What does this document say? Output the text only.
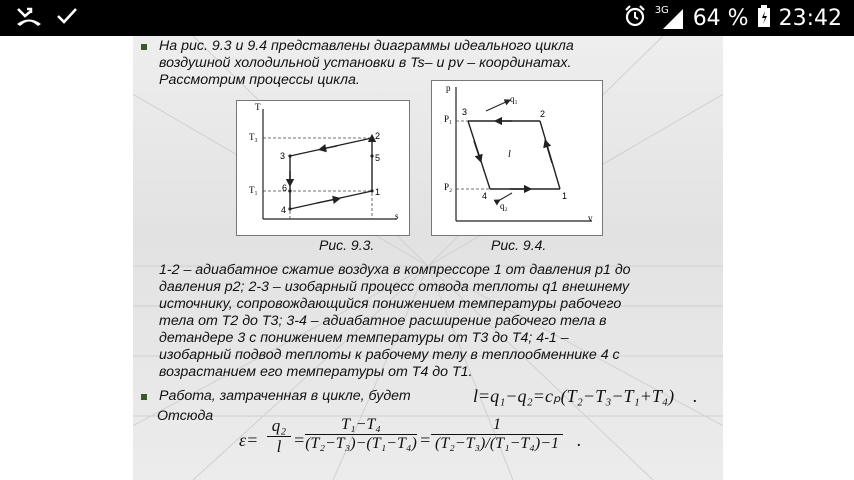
3G 64 % 23:42
На рис. 9.3 и 9.4 представлены диаграммы идеального цикла
воздушной холодильной установки в Ts– и pv – координатах.
Рассмотрим процессы цикла.
T
s
T₃
T₁
2
3	5
6	1
4
Рис. 9.3.
p
v
P₁
P₂
3	2
4	1
q₁
q₂
l
Рис. 9.4.
1-2 – адиабатное сжатие воздуха в компрессоре 1 от давления p1 до
давления p2; 2-3 – изобарный процесс отвода теплоты q1 внешнему
источнику, сопровождающийся понижением температуры рабочего
тела от Т2 до Т3; 3-4 – адиабатное расширение рабочего тела в
детандере 3 с понижением температуры от Т3 до Т4; 4-1 –
изобарный подвод теплоты к рабочему телу в теплообменнике 4 с
возрастанием его температуры от Т4 до Т1.
Работа, затраченная в цикле, будет	l=q₁−q₂=cₚ(T₂−T₃−T₁+T₄) .
Отсюда
ε=
q₂
l =
T₁−T₄
(T₂−T₃)−(T₁−T₄) =
1
(T₂−T₃)/(T₁−T₄)−1 .
